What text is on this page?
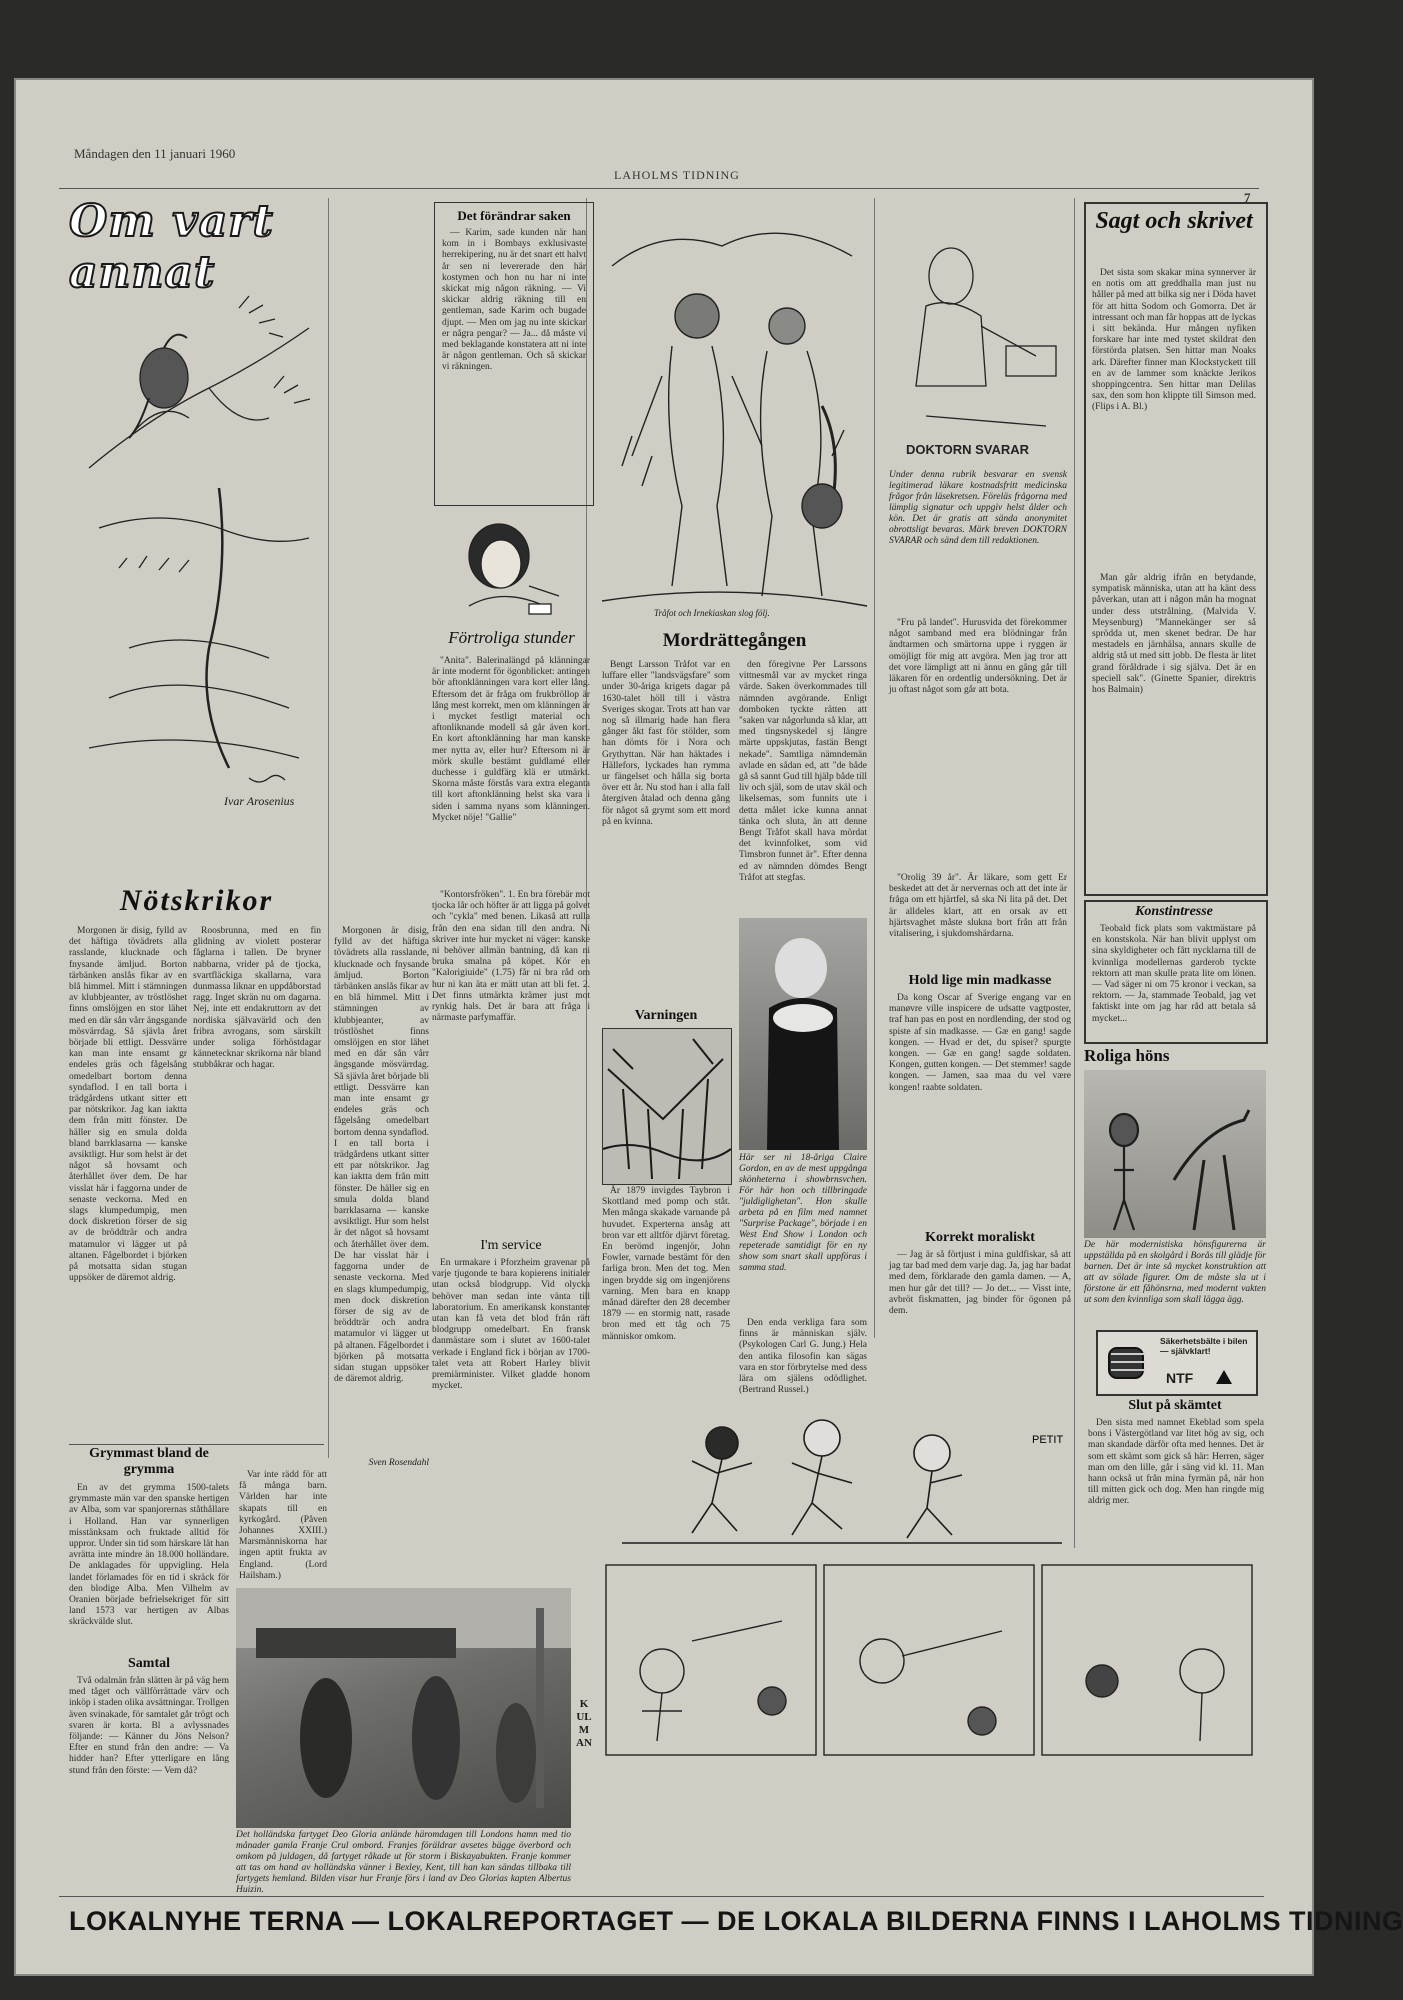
Måndagen den 11 januari 1960
LAHOLMS TIDNING
7
Om vart annat
Ivar Arosenius
Nötskrikor

Morgonen är disig, fylld av det häftiga tövädrets alla rasslande, klucknade och fnysande ämljud. Borton tärbänken anslås fikar av en blå himmel. Mitt i stämningen av klubbjeanter, av tröstlöshet finns omslöjgen en stor lähet med en där sån vårr ängsgande mösvärrdag. Så sjävla året började bli ettligt. Dessvärre kan man inte ensamt gr endeles gräs och fågelsång omedelbart bortom denna syndaflod. I en tall borta i trädgårdens utkant sitter ett par nötskrikor. Jag kan iaktta dem från mitt fönster. De häller sig en smula dolda bland barrklasarna — kanske avsiktligt. Hur som helst är det något så hovsamt och återhållet över dem. De har visslat här i faggorna under de senaste veckorna. Med en slags klumpedumpig, men dock diskretion förser de sig av de bröddträr och andra matamulor vi lägger ut på altanen. Fågelbordet i björken på motsatta sidan stugan uppsöker de däremot aldrig.

Roosbrunna, med en fin glidning av violett posterar fåglarna i tallen. De bryner nabbarna, vrider på de tjocka, svartfläckiga skallarna, vara dunmassa liknar en uppdåborstad ragg. Inget skrän nu om dagarna. Nej, inte ett endakruttorn av det nordiska självavärld och den fribra avrogans, som särskilt under soliga förhöstdagar kännetecknar skrikorna när bland stubbåkrar och hagar.

Grymmast bland de grymma

En av det grymma 1500-talets grymmaste män var den spanske hertigen av Alba, som var spanjorernas ståthållare i Holland. Han var synnerligen misstänksam och fruktade alltid för uppror. Under sin tid som härskare lät han avrätta inte mindre än 18.000 holländare. De anklagades för uppvigling. Hela landet förlamades för en tid i skräck för den blodige Alba. Men Vilhelm av Oranien började befrielsekriget för sitt land 1573 var hertigen av Albas skräckvälde slut.

Samtal

Två odalmän från slätten är på väg hem med tåget och vällförrättade värv och inköp i staden olika avsättningar. Trollgen även svinakade, för samtalet går trögt och svaren är korta. Bl a avlyssnades följande: — Känner du Jöns Nelson? Efter en stund från den andre: — Va hidder han? Efter ytterligare en lång stund från den förste: — Vem då?

Det förändrar saken

— Karim, sade kunden när han kom in i Bombays exklusivaste herrekipering, nu är det snart ett halvt år sen ni levererade den här kostymen och hon nu har ni inte skickat mig någon räkning. — Vi skickar aldrig räkning till en gentleman, sade Karim och bugade djupt. — Men om jag nu inte skickar er några pengar? — Ja... då måste vi med beklagande konstatera att ni inte är någon gentleman. Och så skickar vi räkningen.

Förtroliga stunder

"Anita". Balerinalängd på klänningar är inte modernt för ögonblicket: antingen bör aftonklänningen vara kort eller lång. Eftersom det är fråga om frukbröllop är lång mest korrekt, men om klänningen är i mycket festligt material och aftonliknande modell så går även kort. En kort aftonklänning har man kanske mer nytta av, eller hur? Eftersom ni är mörk skulle bestämt guldlamé eller duchesse i guldfärg klä er utmärkt. Skorna måste förstås vara extra eleganta till kort aftonklänning helst ska vara i siden i samma nyans som klänningen. Mycket nöje! "Gallie"

"Kontorsfröken". 1. En bra förebär mot tjocka lår och höfter är att ligga på golvet och "cykla" med benen. Likaså att rulla från den ena sidan till den andra. Ni skriver inte hur mycket ni väger: kanske ni behöver allmän bantning, då kan ni bruka smalna på köpet. Kör en "Kalorigiuide" (1.75) får ni bra råd om hur ni kan äta er mätt utan att bli fet. 2. Det finns utmärkta krämer just mot rynkig hals. Det är bara att fråga i närmaste parfymaffär.

Morgonen är disig, fylld av det häftiga tövädrets alla rasslande, klucknade och fnysande ämljud. Borton tärbänken anslås fikar av en blå himmel. Mitt i stämningen av klubbjeanter, av tröstlöshet finns omslöjgen en stor lähet med en där sån vårr ängsgande mösvärrdag. Så sjävla året började bli ettligt. Dessvärre kan man inte ensamt gr endeles gräs och fågelsång omedelbart bortom denna syndaflod. I en tall borta i trädgårdens utkant sitter ett par nötskrikor. Jag kan iaktta dem från mitt fönster. De häller sig en smula dolda bland barrklasarna — kanske avsiktligt. Hur som helst är det något så hovsamt och återhållet över dem. De har visslat här i faggorna under de senaste veckorna. Med en slags klumpedumpig, men dock diskretion förser de sig av de bröddträr och andra matamulor vi lägger ut på altanen. Fågelbordet i björken på motsatta sidan stugan uppsöker de däremot aldrig.

Sven Rosendahl
I'm service

En urmakare i Pforzheim gravenar på varje tjugonde te bara kopierens initialer utan också blodgrupp. Vid olycka behöver man sedan inte vänta till laboratorium. En amerikansk konstanter utan kan få veta det blod från rätt blodgrupp omedelbart. En fransk danmästare som i slutet av 1600-talet verkade i England fick i början av 1700-talet veta att Robert Harley blivit premiärminister. Vilket gladde honom mycket.

Var inte rädd för att få många barn. Världen har inte skapats till en kyrkogård. (Påven Johannes XXIII.) Marsmänniskorna har ingen aptit frukta av England. (Lord Hailsham.)

Det holländska fartyget Deo Gloria anlände häromdagen till Londons hamn med tio månader gamla Franje Crul ombord. Franjes föräldrar avsetes bägge överbord och omkom på juldagen, då fartyget råkade ut för storm i Biskayabukten. Franje kommer att tas om hand av holländska vänner i Bexley, Kent, till han kan sändas tillbaka till fartygets hemland. Bilden visar hur Franje förs i land av Deo Glorias kapten Albertus Huizin.
KULMAN
Tråfot och Irnekiaskan slog följ.
Mordrättegången

Bengt Larsson Tråfot var en luffare eller "landsvägsfare" som under 30-åriga krigets dagar på 1630-talet höll till i västra Sveriges skogar. Trots att han var nog så illmarig hade han flera gånger åkt fast för stölder, som han dömts för i Nora och Grythyttan. När han häktades i Hällefors, lyckades han rymma ur fängelset och hålla sig borta över ett år. Nu stod han i alla fall återgiven åtalad och denna gång för något så grymt som ett mord på en kvinna.

den föregivne Per Larssons vittnesmål var av mycket ringa värde. Saken överkommades till nämnden avgörande. Enligt domboken tyckte rätten att "saken var någorlunda så klar, att med tingsnyskedel sj längre märte uppskjutas, fastän Bengt nekade". Samtliga nämndemän avlade en sådan ed, att "de både gå så sannt Gud till hjälp både till liv och själ, som de utav skäl och likelsemas, som funnits ute i detta målet icke kunna annat tänka och sluta, än att denne Bengt Tråfot skall hava mördat det kvinnfolket, som vid Timsbron funnet är". Efter denna ed av nämnden dömdes Bengt Tråfot att stegfas.

Här ser ni 18-åriga Claire Gordon, en av de mest uppgånga skönheterna i showbrnsvchen. För här hon och tillbringade "juldiglighetan". Hon skulle arbeta på en film med namnet "Surprise Package", började i en West End Show i London och repeterade samtidigt för en ny show som snart skall uppföras i samma stad.
Varningen

År 1879 invigdes Taybron i Skottland med pomp och ståt. Men många skakade varnande på huvudet. Experterna ansåg att bron var ett alltför djärvt företag. En berömd ingenjör, John Fowler, varnade bestämt för den farliga bron. Men det tog. Men ingen brydde sig om ingenjörens varning. Men bara en knapp månad därefter den 28 december 1879 — en stormig natt, rasade bron med ett tåg och 75 människor omkom.

Den enda verkliga fara som finns är människan själv. (Psykologen Carl G. Jung.) Hela den antika filosofin kan sägas vara en stor förbrytelse med dess lära om själens odödlighet. (Bertrand Russel.)

PETIT
DOKTORN SVARAR
Under denna rubrik besvarar en svensk legitimerad läkare kostnadsfritt medicinska frågor från läsekretsen. Föreläs frågorna med lämplig signatur och uppgiv helst ålder och kön. Det är gratis att sända anonymitet obrottsligt bevaras. Märk breven DOKTORN SVARAR och sänd dem till redaktionen.

"Fru på landet". Hurusvida det förekommer något samband med era blödningar från ändtarmen och smärtorna uppe i ryggen är omöjligt för mig att avgöra. Men jag tror att det vore lämpligt att ni ännu en gång går till läkaren för en ordentlig undersökning. Det är ju oftast något som går att bota.

"Orolig 39 år". Är läkare, som gett Er beskedet att det är nervernas och att det inte är fråga om ett hjärtfel, så ska Ni lita på det. Det är alldeles klart, att en orsak av ett hjärtsvaghet måste slukna bort från att från vitalisering, i sjukdomshärdarna.

Hold lige min madkasse

Da kong Oscar af Sverige engang var en manøvre ville inspicere de udsatte vagtposter, traf han pas en post en nordlending, der stod og spiste af sin madkasse. — Gæ en gang! sagde kongen. — Hvad er det, du spiser? spurgte kongen. — Gæ en gang! sagde soldaten. Kongen, gutten kongen. — Det stemmer! sagde kongen. — Jamen, saa maa du vel være kongen! raabte soldaten.

Korrekt moraliskt

— Jag är så förtjust i mina guldfiskar, så att jag tar bad med dem varje dag. Ja, jag har badat med dem, förklarade den gamla damen. — A, men hur går det till? — Jo det... — Visst inte, avbröt fiskmatten, jag binder för ögonen på dem.

Sagt och skrivet

Det sista som skakar mina synnerver är en notis om att greddhalla man just nu håller på med att bilka sig ner i Döda havet för att hitta Sodom och Gomorra. Det är intressant och man får hoppas att de lyckas i sitt bekända. Hur mången nyfiken forskare har inte med tystet skildrat den förstörda platsen. Sen hittar man Noaks ark. Därefter finner man Klockstyckett till en av de lammer som knäckte Jerikos shoppingcentra. Sen hittar man Delilas sax, den som hon klippte till Simson med. (Flips i A. Bl.)

Man går aldrig ifrån en betydande, sympatisk människa, utan att ha känt dess påverkan, utan att i någon mån ha mognat under dess utstrålning. (Malvida V. Meysenburg) "Mannekänger ser så sprödda ut, men skenet bedrar. De har mestadels en järnhälsa, annars skulle de aldrig stå ut med sitt jobb. De flesta är litet grand föråldrade i sig själva. Det är en speciell sak". (Ginette Spanier, direktris hos Balmain)

Konstintresse

Teobald fick plats som vaktmästare på en konstskola. När han blivit upplyst om sina skyldigheter och fått nycklarna till de kvinnliga modellernas garderob tyckte rektorn att man skulle prata lite om lönen. — Vad säger ni om 75 kronor i veckan, sa rektorn. — Ja, stammade Teobald, jag vet faktiskt inte om jag har råd att betala så mycket...

Roliga höns
De här modernistiska hönsfigurerna är uppställda på en skolgård i Borås till glädje för barnen. Det är inte så mycket konstruktion att att av sölade figurer. Om de måste sla ut i förstone är ett fåhönsrna, med modernt vakten ut som den kvinnliga som skall lägga ägg.
Säkerhetsbälte i bilen — självklart!
NTF
Slut på skämtet

Den sista med namnet Ekeblad som spela bons i Västergötland var litet hög av sig, och man skandade därför ofta med hennes. Det är som ett skämt som gick så här: Herren, säger man om den lille, går i säng vid kl. 11. Man hann också ut från mina fyrmän på, när hon till mitten gick och dog. Men han ringde mig aldrig mer.

LOKALNYHE TERNA — LOKALREPORTAGET — DE LOKALA BILDERNA FINNS I LAHOLMS TIDNING
